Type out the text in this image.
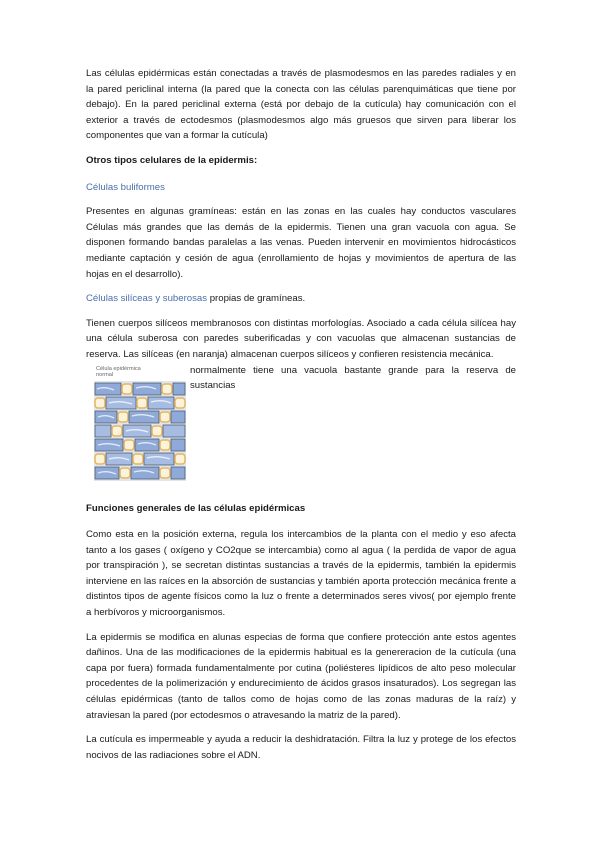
Las células epidérmicas están conectadas a través de plasmodesmos en las paredes radiales y en la pared periclinal interna (la pared que la conecta con las células parenquimáticas que tiene por debajo). En la pared periclinal externa (está por debajo de la cutícula) hay comunicación con el exterior a través de ectodesmos (plasmodesmos algo más gruesos que sirven para liberar los componentes que van a formar la cutícula)

Otros tipos celulares de la epidermis:

Células buliformes

Presentes en algunas gramíneas: están en las zonas en las cuales hay conductos vasculares Células más grandes que las demás de la epidermis. Tienen una gran vacuola con agua. Se disponen formando bandas paralelas a las venas. Pueden intervenir en movimientos hidrocásticos mediante captación y cesión de agua (enrollamiento de hojas y movimientos de apertura de las hojas en el desarrollo).

Células silíceas y suberosas propias de gramíneas.

Tienen cuerpos silíceos membranosos con distintas morfologías. Asociado a cada célula silícea hay una célula suberosa con paredes suberificadas y con vacuolas que almacenan sustancias de reserva. Las silíceas (en naranja) almacenan cuerpos silíceos y confieren resistencia mecánica.

Célula epidérmica
normal	normalmente tiene una vacuola bastante grande para la reserva de sustancias

Funciones generales de las células epidérmicas

Como esta en la posición externa, regula los intercambios de la planta con el medio y eso afecta tanto a los gases ( oxígeno y CO2que se intercambia) como al agua ( la perdida de vapor de agua por transpiración ), se secretan distintas sustancias a través de la epidermis, también la epidermis interviene en las raíces en la absorción de sustancias y también aporta protección mecánica frente a distintos tipos de agente físicos como la luz o frente a determinados seres vivos( por ejemplo frente a herbívoros y microorganismos.

La epidermis se modifica en alunas especias de forma que confiere protección ante estos agentes dañinos. Una de las modificaciones de la epidermis habitual es la genereracion de la cutícula (una capa por fuera) formada fundamentalmente por cutina (poliésteres lipídicos de alto peso molecular procedentes de la polimerización y endurecimiento de ácidos grasos insaturados). Los segregan las células epidérmicas (tanto de tallos como de hojas como de las zonas maduras de la raíz) y atraviesan la pared (por ectodesmos o atravesando la matriz de la pared).

La cutícula es impermeable y ayuda a reducir la deshidratación. Filtra la luz y protege de los efectos nocivos de las radiaciones sobre el ADN.
